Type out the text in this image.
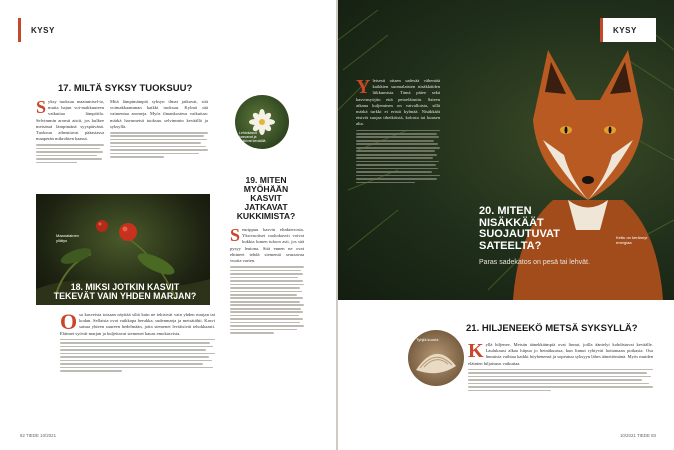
KYSY
17. MILTÄ SYKSY TUOKSUU?
S yksy tuoksuu maatumisel-ta, mutta hajun voi-makkuuteen vaikuttaa lämpötila. Selvimmin aromit aistii, jos kulkee metsässä lämpimänä syyspäivänä. Tuoksun aiheuttavat pääasiassa maaperän mikrobien kaasut.

Mitä lämpimämpiä syksyn ilmat jatkuvat, sitä voimakkaamman kaikki tuoksuu. Kylmä sää vaimentaa aromeja. Myös ilmankosteus vaikuttaa: märkä havumetsä tuoksuu selvimmin keväällä ja syksyllä.

Maanalainen yllätys
18. MIKSI JOTKIN KASVIT TEKEVÄT VAIN YHDEN MARJAN?
O sa kasveista toisaan näyttää siltä kuin ne tekisivät vain yhden marjan tai kodan. Sellaisia ovat vaikkapa herukka, sudenmarja ja metsätähti. Kasvi satsaa yhteen suureen hedelmään, jotta siemenet leviäisivät tehokkaasti. Eläimet syövät marjan ja kuljettavat siemenet kauas emokasvista.

Lehtokasvit kasvavat ja kukkivat keväällä
19. MITEN MYÖHÄÄN KASVIT JATKAVAT KUKKIMISTA?
S eurippuu kasvin elinkierrosta. Yksivuotiset ruohokasvit voivat kukkia lumen tuloon asti, jos sää pysyy leutona. Sitä ennen ne ovat ehtineet tehdä siemeniä seuraavaa vuotta varten.

82 TIEDE 10/2021
Kettu on kerännyt energiaa
KYSY
Y leisesti ottaen sadesää vähentää kaikkien suomalaisten nisäkkäiden liikkumista. Tämä pätee sekä kasvinsyöjiin että petoeläimiin. Sateen aikana kuljeminen on vaivalloista, sillä märkä turkki ei eristä kylmää. Nisäkkäät etsivät suojaa tiheiköistä, kolosta tai kuusen alta.

20. MITEN NISÄKKÄÄT SUOJAUTUVAT SATEELTA?
Paras sadekatos on pesä tai lehvät.
Tyhjiä kuoria
21. HILJENEEKÖ METSÄ SYKSYLLÄ?
K yllä hiljenee. Metsän äänekkäimpiä ovat linnut, joilla ääntelyt kohdistuvat keväälle. Laulukausi alkaa hiipua jo heinäkuussa, kun linnut ryhtyvät hoitamaan poikasia. Osa linnuista vaihtaa kaikki höyhenensä ja sopeutuu syksyyn lähes äänettömänä. Myös muiden eläinten hiljaisuus vaikuttaa.

10/2021 TIEDE 83
